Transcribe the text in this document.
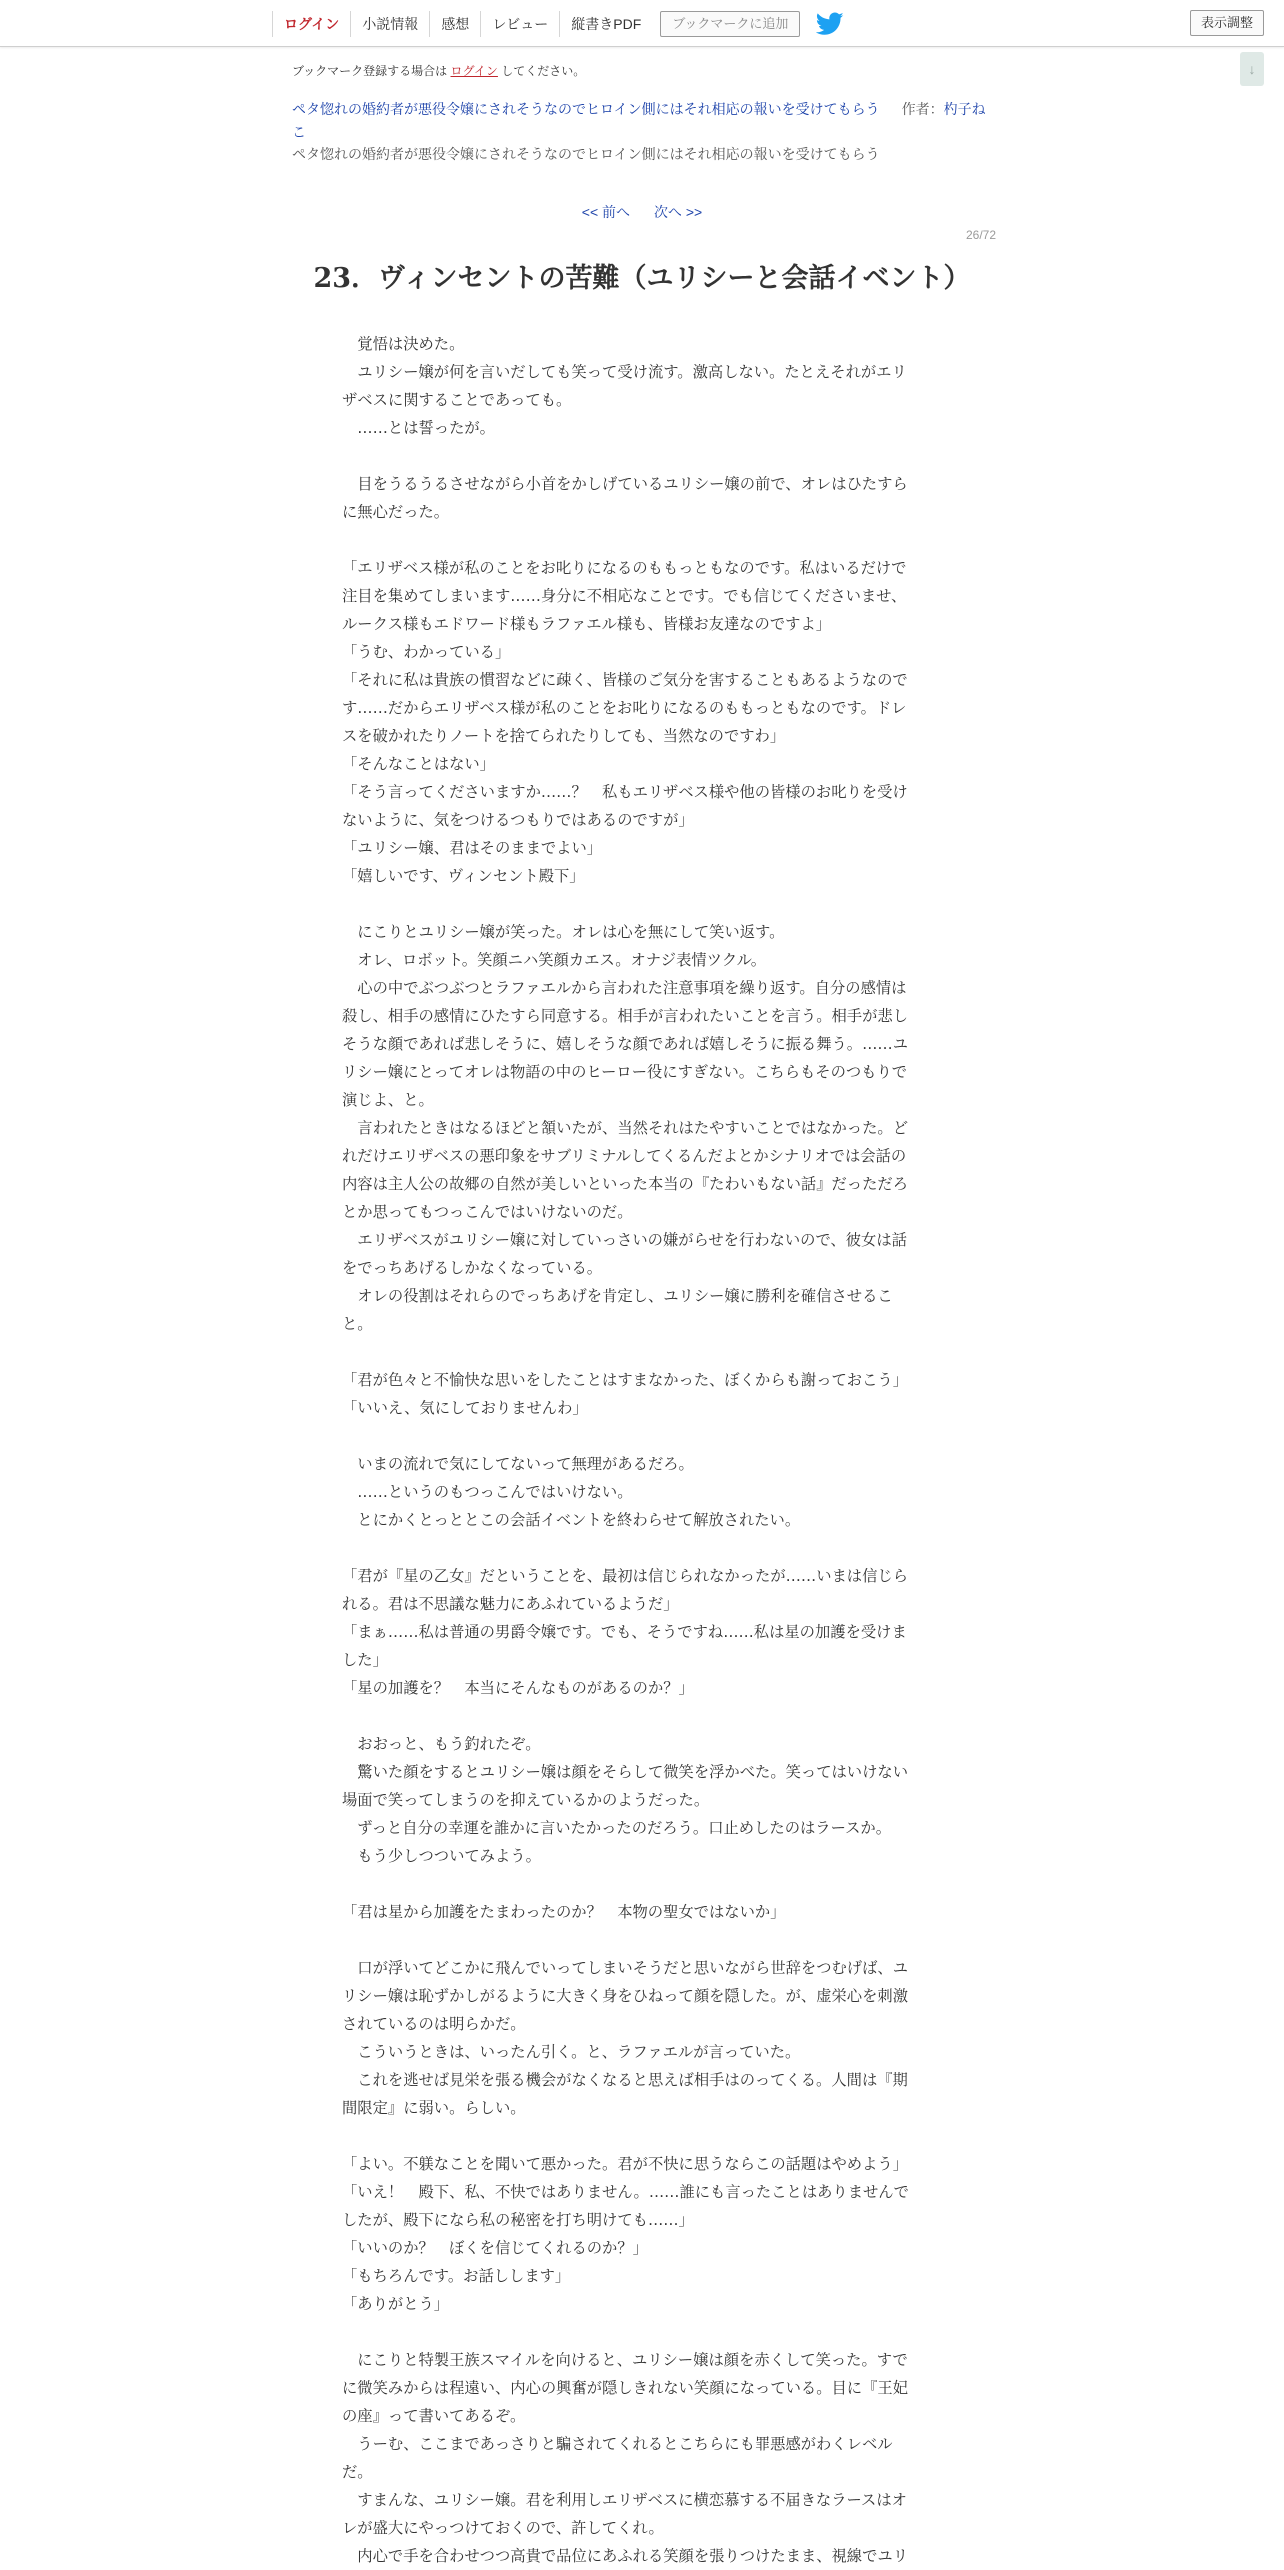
ログイン	小説情報	感想	レビュー	縦書きPDF	ブックマークに追加	表示調整
↓
ブックマーク登録する場合は ログイン してください。
ペタ惚れの婚約者が悪役令嬢にされそうなのでヒロイン側にはそれ相応の報いを受けてもらう 作者：杓子ねこ
ペタ惚れの婚約者が悪役令嬢にされそうなのでヒロイン側にはそれ相応の報いを受けてもらう
<< 前へ 次へ >>
26/72
23．ヴィンセントの苦難（ユリシーと会話イベント）

　覚悟は決めた。

　ユリシー嬢が何を言いだしても笑って受け流す。激高しない。たとえそれがエリ

ザベスに関することであっても。

　……とは誓ったが。

　目をうるうるさせながら小首をかしげているユリシー嬢の前で、オレはひたすら

に無心だった。

「エリザベス様が私のことをお叱りになるのももっともなのです。私はいるだけで

注目を集めてしまいます……身分に不相応なことです。でも信じてくださいませ、

ルークス様もエドワード様もラファエル様も、皆様お友達なのですよ」

「うむ、わかっている」

「それに私は貴族の慣習などに疎く、皆様のご気分を害することもあるようなので

す……だからエリザベス様が私のことをお叱りになるのももっともなのです。ドレ

スを破かれたりノートを捨てられたりしても、当然なのですわ」

「そんなことはない」

「そう言ってくださいますか……？　私もエリザベス様や他の皆様のお叱りを受け

ないように、気をつけるつもりではあるのですが」

「ユリシー嬢、君はそのままでよい」

「嬉しいです、ヴィンセント殿下」

　にこりとユリシー嬢が笑った。オレは心を無にして笑い返す。

　オレ、ロボット。笑顔ニハ笑顔カエス。オナジ表情ツクル。

　心の中でぶつぶつとラファエルから言われた注意事項を繰り返す。自分の感情は

殺し、相手の感情にひたすら同意する。相手が言われたいことを言う。相手が悲し

そうな顔であれば悲しそうに、嬉しそうな顔であれば嬉しそうに振る舞う。……ユ

リシー嬢にとってオレは物語の中のヒーロー役にすぎない。こちらもそのつもりで

演じよ、と。

　言われたときはなるほどと頷いたが、当然それはたやすいことではなかった。ど

れだけエリザベスの悪印象をサブリミナルしてくるんだよとかシナリオでは会話の

内容は主人公の故郷の自然が美しいといった本当の『たわいもない話』だっただろ

とか思ってもつっこんではいけないのだ。

　エリザベスがユリシー嬢に対していっさいの嫌がらせを行わないので、彼女は話

をでっちあげるしかなくなっている。

　オレの役割はそれらのでっちあげを肯定し、ユリシー嬢に勝利を確信させるこ

と。

「君が色々と不愉快な思いをしたことはすまなかった、ぼくからも謝っておこう」

「いいえ、気にしておりませんわ」

　いまの流れで気にしてないって無理があるだろ。

　……というのもつっこんではいけない。

　とにかくとっととこの会話イベントを終わらせて解放されたい。

「君が『星の乙女』だということを、最初は信じられなかったが……いまは信じら

れる。君は不思議な魅力にあふれているようだ」

「まぁ……私は普通の男爵令嬢です。でも、そうですね……私は星の加護を受けま

した」

「星の加護を？　本当にそんなものがあるのか？」

　おおっと、もう釣れたぞ。

　驚いた顔をするとユリシー嬢は顔をそらして微笑を浮かべた。笑ってはいけない

場面で笑ってしまうのを抑えているかのようだった。

　ずっと自分の幸運を誰かに言いたかったのだろう。口止めしたのはラースか。

　もう少しつついてみよう。

「君は星から加護をたまわったのか？　本物の聖女ではないか」

　口が浮いてどこかに飛んでいってしまいそうだと思いながら世辞をつむげば、ユ

リシー嬢は恥ずかしがるように大きく身をひねって顔を隠した。が、虚栄心を刺激

されているのは明らかだ。

　こういうときは、いったん引く。と、ラファエルが言っていた。

　これを逃せば見栄を張る機会がなくなると思えば相手はのってくる。人間は『期

間限定』に弱い。らしい。

「よい。不躾なことを聞いて悪かった。君が不快に思うならこの話題はやめよう」

「いえ！　殿下、私、不快ではありません。……誰にも言ったことはありませんで

したが、殿下になら私の秘密を打ち明けても……」

「いいのか？　ぼくを信じてくれるのか？」

「もちろんです。お話しします」

「ありがとう」

　にこりと特製王族スマイルを向けると、ユリシー嬢は顔を赤くして笑った。すで

に微笑みからは程遠い、内心の興奮が隠しきれない笑顔になっている。目に『王妃

の座』って書いてあるぞ。

　うーむ、ここまであっさりと騙されてくれるとこちらにも罪悪感がわくレベル

だ。

　すまんな、ユリシー嬢。君を利用しエリザベスに横恋慕する不届きなラースはオ

レが盛大にやっつけておくので、許してくれ。

　内心で手を合わせつつ高貴で品位にあふれる笑顔を張りつけたまま、視線でユリ
